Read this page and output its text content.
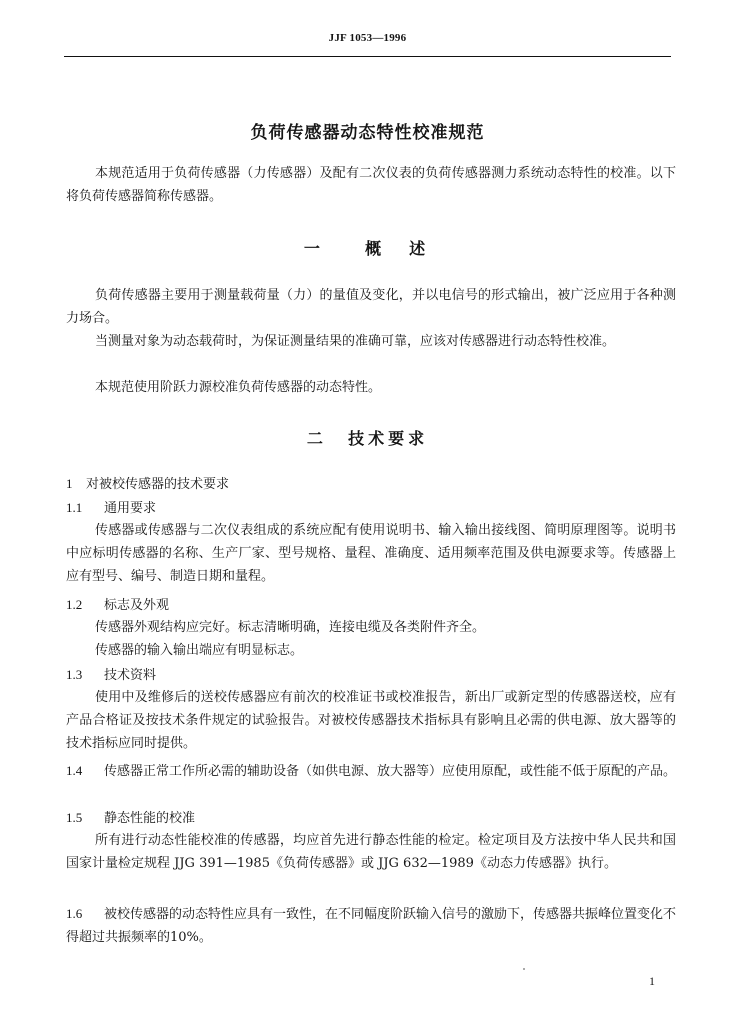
JJF 1053—1996
负荷传感器动态特性校准规范
本规范适用于负荷传感器（力传感器）及配有二次仪表的负荷传感器测力系统动态特性的校准。以下将负荷传感器简称传感器。
一	概　述
负荷传感器主要用于测量载荷量（力）的量值及变化，并以电信号的形式输出，被广泛应用于各种测力场合。
当测量对象为动态载荷时，为保证测量结果的准确可靠，应该对传感器进行动态特性校准。
本规范使用阶跃力源校准负荷传感器的动态特性。
二 技术要求
1 对被校传感器的技术要求
1.1 通用要求
传感器或传感器与二次仪表组成的系统应配有使用说明书、输入输出接线图、简明原理图等。说明书中应标明传感器的名称、生产厂家、型号规格、量程、准确度、适用频率范围及供电源要求等。传感器上应有型号、编号、制造日期和量程。
1.2 标志及外观
传感器外观结构应完好。标志清晰明确，连接电缆及各类附件齐全。
传感器的输入输出端应有明显标志。
1.3 技术资料
使用中及维修后的送校传感器应有前次的校准证书或校准报告，新出厂或新定型的传感器送校，应有产品合格证及按技术条件规定的试验报告。对被校传感器技术指标具有影响且必需的供电源、放大器等的技术指标应同时提供。
1.4 传感器正常工作所必需的辅助设备（如供电源、放大器等）应使用原配，或性能不低于原配的产品。
1.5 静态性能的校准
所有进行动态性能校准的传感器，均应首先进行静态性能的检定。检定项目及方法按中华人民共和国国家计量检定规程 JJG 391—1985《负荷传感器》或 JJG 632—1989《动态力传感器》执行。
1.6 被校传感器的动态特性应具有一致性，在不同幅度阶跃输入信号的激励下，传感器共振峰位置变化不得超过共振频率的10%。
1
